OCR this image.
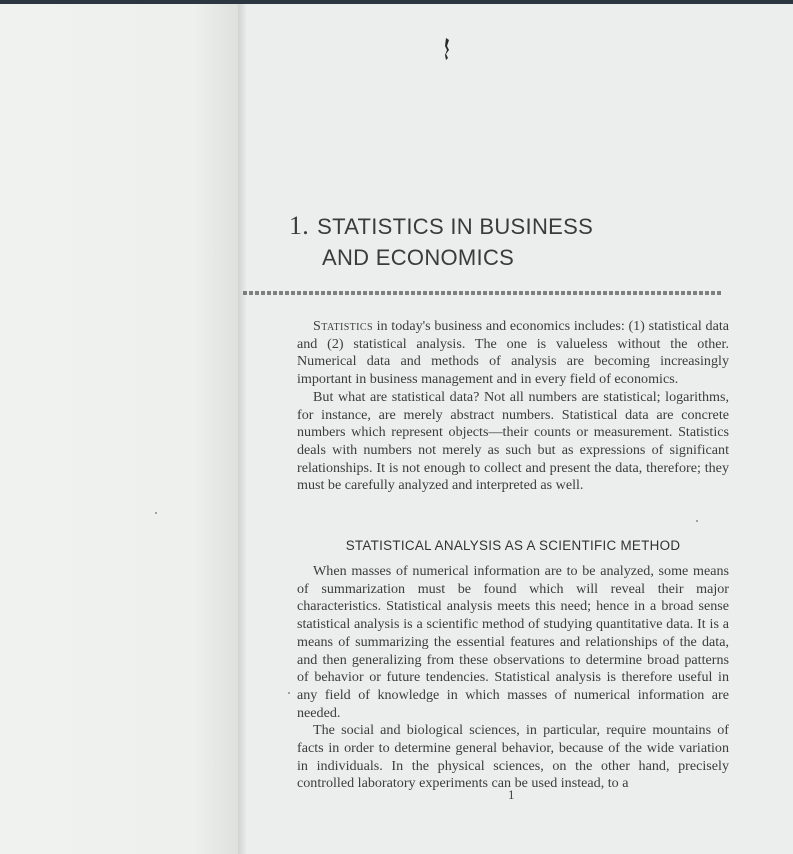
1. STATISTICS IN BUSINESS
AND ECONOMICS

Statistics in today's business and economics includes: (1) statistical data and (2) statistical analysis. The one is valueless without the other. Numerical data and methods of analysis are becoming increasingly important in business management and in every field of economics.

But what are statistical data? Not all numbers are statistical; logarithms, for instance, are merely abstract numbers. Statistical data are concrete numbers which represent objects—their counts or measurement. Statistics deals with numbers not merely as such but as expressions of significant relationships. It is not enough to collect and present the data, therefore; they must be carefully analyzed and interpreted as well.

STATISTICAL ANALYSIS AS A SCIENTIFIC METHOD

When masses of numerical information are to be analyzed, some means of summarization must be found which will reveal their major characteristics. Statistical analysis meets this need; hence in a broad sense statistical analysis is a scientific method of studying quantitative data. It is a means of summarizing the essential features and relationships of the data, and then generalizing from these observations to determine broad patterns of behavior or future tendencies. Statistical analysis is therefore useful in any field of knowledge in which masses of numerical information are needed.

The social and biological sciences, in particular, require mountains of facts in order to determine general behavior, because of the wide variation in individuals. In the physical sciences, on the other hand, precisely controlled laboratory experiments can be used instead, to a

1
